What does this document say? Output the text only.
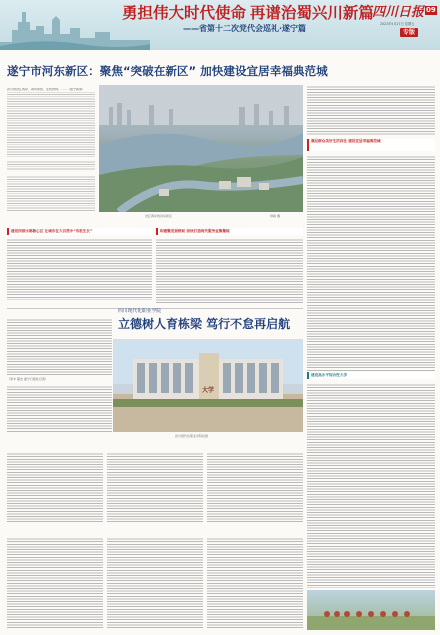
勇担伟大时代使命 再谱治蜀兴川新篇
——省第十二次党代会巡礼·遂宁篇
四川日报 09
2022年5月27日 星期五
专版
遂宁市河东新区：聚焦“突破在新区” 加快建设宜居幸福典范城
四月的涪江两岸，春风徐徐，生机勃勃。……（遂宁新闻）
涪江两岸的河东新区	钟敏 摄
满足群众美好生活向往 建设宜居幸福典范城
建设西部水都核心区 让城市在大自然中“有机生长”	构建聚发展格局 加快打造现代服务业集聚地
四川现代化职业学院
立德树人育栋梁 笃行不怠再启航
（李丰 郝杰 遂宁日报社记者）
大学
四川现代化职业学院校园
建设高水平综合性大学
